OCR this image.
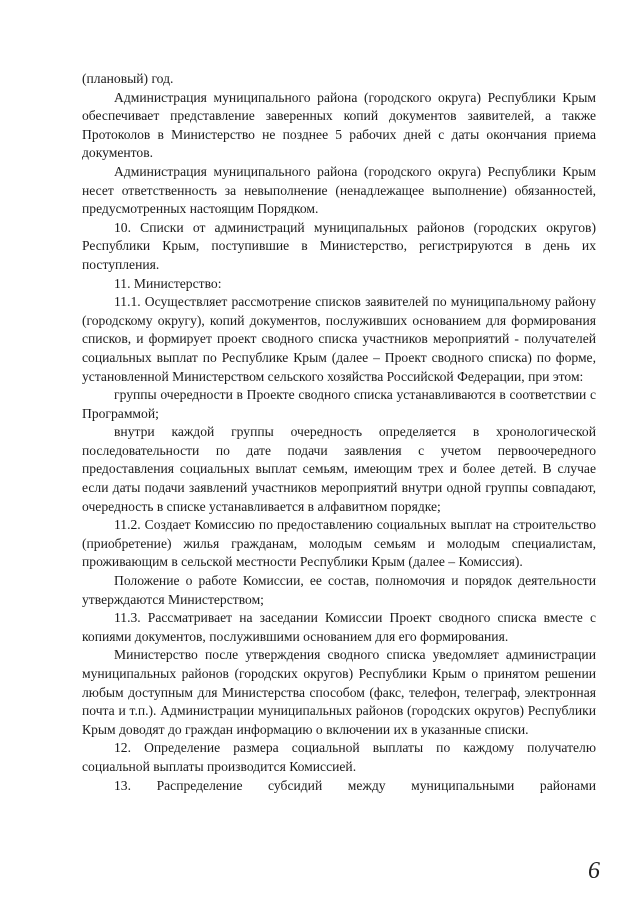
(плановый) год.

Администрация муниципального района (городского округа) Республики Крым обеспечивает представление заверенных копий документов заявителей, а также Протоколов в Министерство не позднее 5 рабочих дней с даты окончания приема документов.

Администрация муниципального района (городского округа) Республики Крым несет ответственность за невыполнение (ненадлежащее выполнение) обязанностей, предусмотренных настоящим Порядком.

10. Списки от администраций муниципальных районов (городских округов) Республики Крым, поступившие в Министерство, регистрируются в день их поступления.

11. Министерство:

11.1. Осуществляет рассмотрение списков заявителей по муниципальному району (городскому округу), копий документов, послуживших основанием для формирования списков, и формирует проект сводного списка участников мероприятий - получателей социальных выплат по Республике Крым (далее – Проект сводного списка) по форме, установленной Министерством сельского хозяйства Российской Федерации, при этом:

группы очередности в Проекте сводного списка устанавливаются в соответствии с Программой;

внутри каждой группы очередность определяется в хронологической последовательности по дате подачи заявления с учетом первоочередного предоставления социальных выплат семьям, имеющим трех и более детей. В случае если даты подачи заявлений участников мероприятий внутри одной группы совпадают, очередность в списке устанавливается в алфавитном порядке;

11.2. Создает Комиссию по предоставлению социальных выплат на строительство (приобретение) жилья гражданам, молодым семьям и молодым специалистам, проживающим в сельской местности Республики Крым (далее – Комиссия).

Положение о работе Комиссии, ее состав, полномочия и порядок деятельности утверждаются Министерством;

11.3. Рассматривает на заседании Комиссии Проект сводного списка вместе с копиями документов, послужившими основанием для его формирования.

Министерство после утверждения сводного списка уведомляет администрации муниципальных районов (городских округов) Республики Крым о принятом решении любым доступным для Министерства способом (факс, телефон, телеграф, электронная почта и т.п.). Администрации муниципальных районов (городских округов) Республики Крым доводят до граждан информацию о включении их в указанные списки.

12. Определение размера социальной выплаты по каждому получателю социальной выплаты производится Комиссией.

13. Распределение субсидий между муниципальными районами

6
